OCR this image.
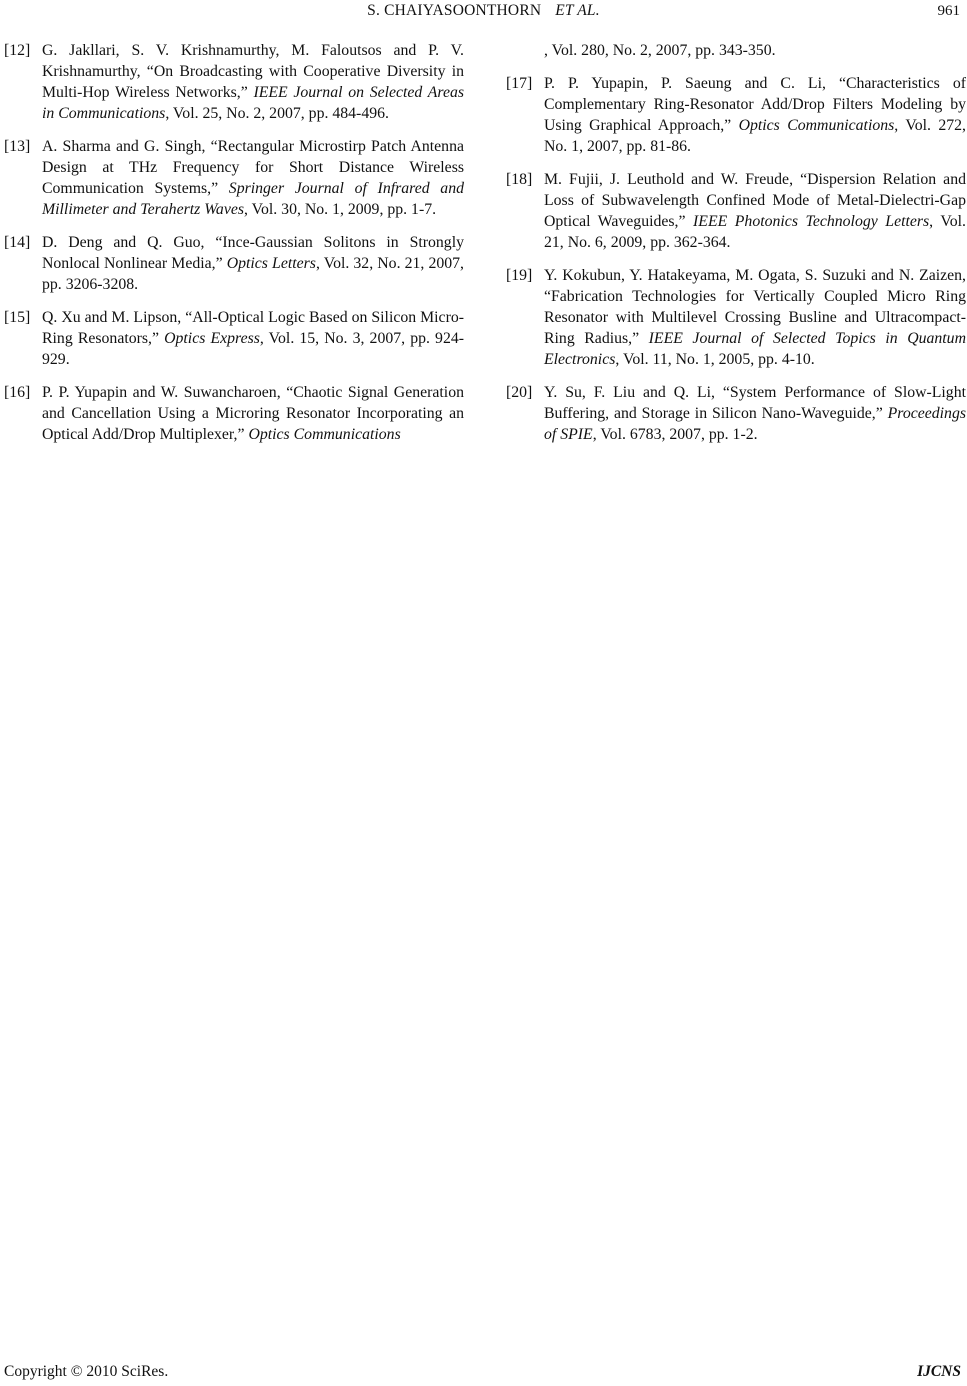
S. CHAIYASOONTHORN ET AL.	961
[12] G. Jakllari, S. V. Krishnamurthy, M. Faloutsos and P. V. Krishnamurthy, “On Broadcasting with Cooperative Diversity in Multi-Hop Wireless Networks,” IEEE Journal on Selected Areas in Communications, Vol. 25, No. 2, 2007, pp. 484-496.
[13] A. Sharma and G. Singh, “Rectangular Microstirp Patch Antenna Design at THz Frequency for Short Distance Wireless Communication Systems,” Springer Journal of Infrared and Millimeter and Terahertz Waves, Vol. 30, No. 1, 2009, pp. 1-7.
[14] D. Deng and Q. Guo, “Ince-Gaussian Solitons in Strongly Nonlocal Nonlinear Media,” Optics Letters, Vol. 32, No. 21, 2007, pp. 3206-3208.
[15] Q. Xu and M. Lipson, “All-Optical Logic Based on Silicon Micro-Ring Resonators,” Optics Express, Vol. 15, No. 3, 2007, pp. 924-929.
[16] P. P. Yupapin and W. Suwancharoen, “Chaotic Signal Generation and Cancellation Using a Microring Resonator Incorporating an Optical Add/Drop Multiplexer,” Optics Communications
, Vol. 280, No. 2, 2007, pp. 343-350.
[17] P. P. Yupapin, P. Saeung and C. Li, “Characteristics of Complementary Ring-Resonator Add/Drop Filters Modeling by Using Graphical Approach,” Optics Communications, Vol. 272, No. 1, 2007, pp. 81-86.
[18] M. Fujii, J. Leuthold and W. Freude, “Dispersion Relation and Loss of Subwavelength Confined Mode of Metal-Dielectri-Gap Optical Waveguides,” IEEE Photonics Technology Letters, Vol. 21, No. 6, 2009, pp. 362-364.
[19] Y. Kokubun, Y. Hatakeyama, M. Ogata, S. Suzuki and N. Zaizen, “Fabrication Technologies for Vertically Coupled Micro Ring Resonator with Multilevel Crossing Busline and Ultracompact-Ring Radius,” IEEE Journal of Selected Topics in Quantum Electronics, Vol. 11, No. 1, 2005, pp. 4-10.
[20] Y. Su, F. Liu and Q. Li, “System Performance of Slow-Light Buffering, and Storage in Silicon Nano-Waveguide,” Proceedings of SPIE, Vol. 6783, 2007, pp. 1-2.
Copyright © 2010 SciRes.	IJCNS
